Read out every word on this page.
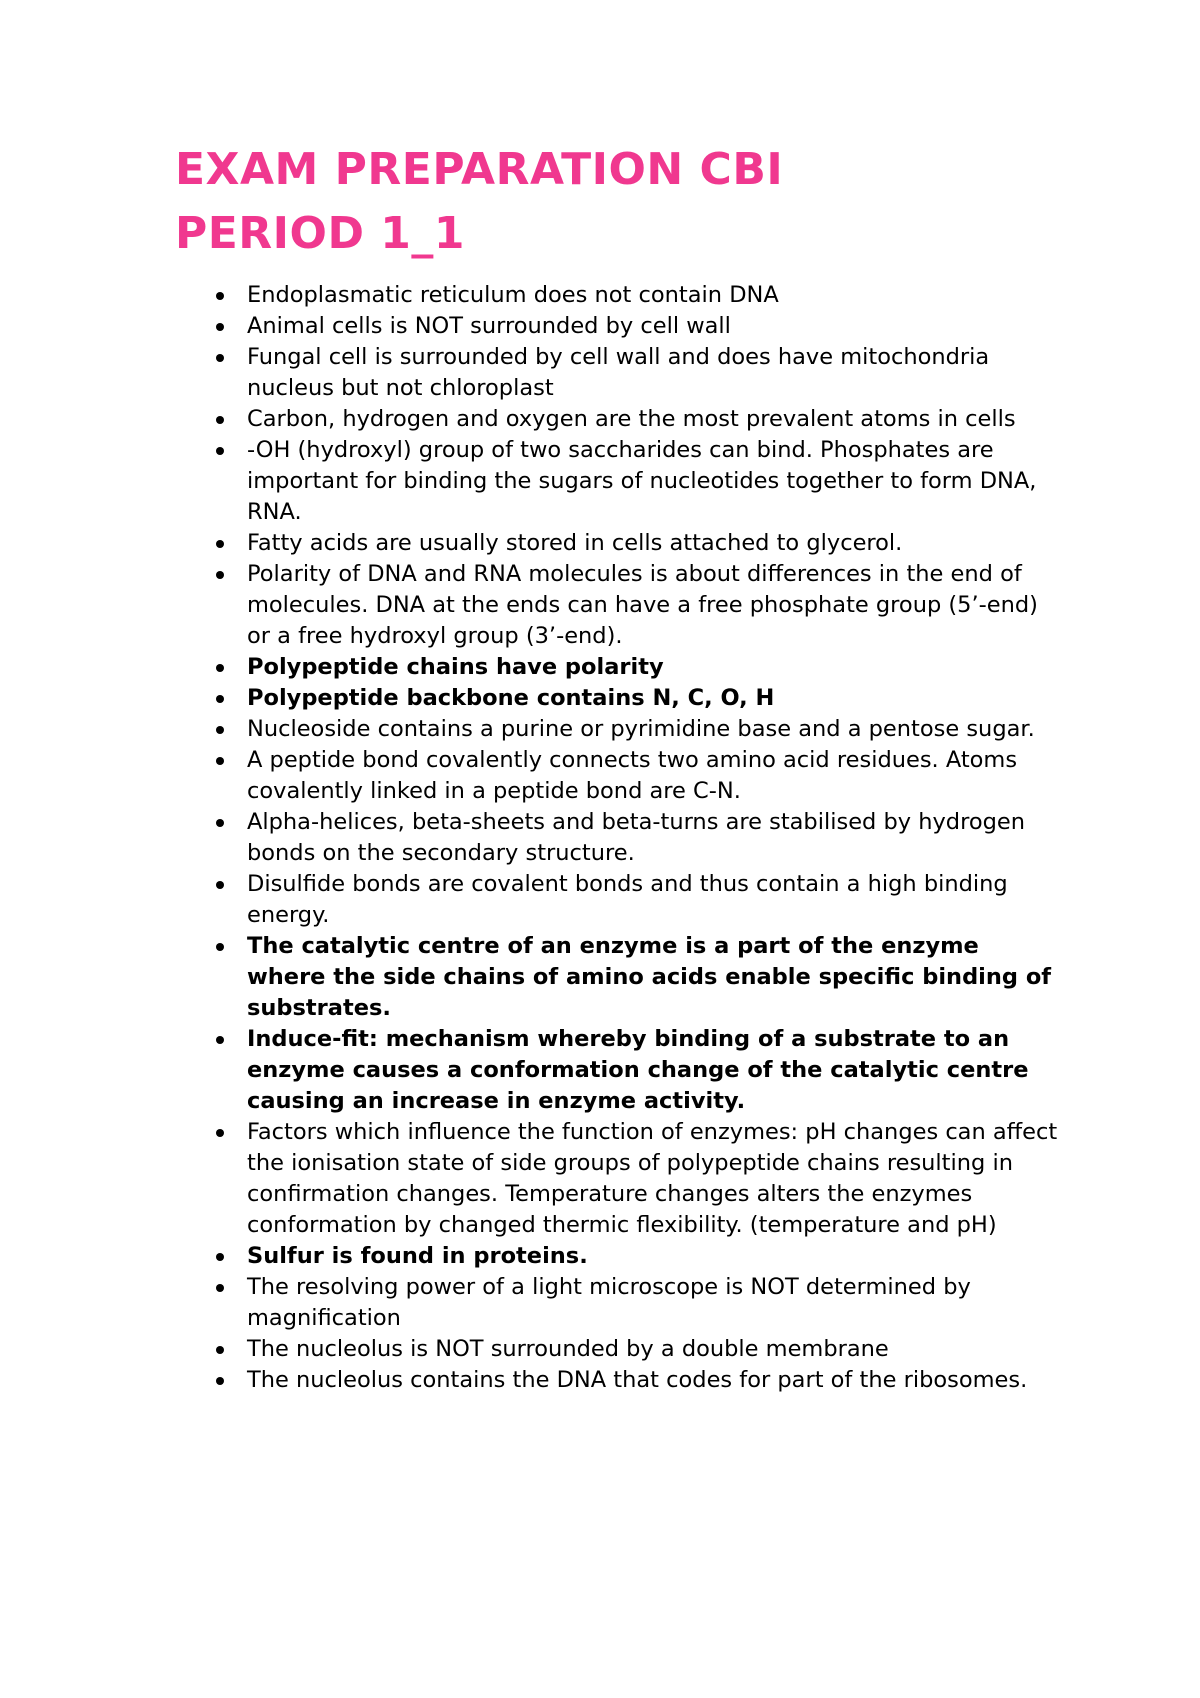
EXAM PREPARATION CBI
PERIOD 1_1
Endoplasmatic reticulum does not contain DNA
Animal cells is NOT surrounded by cell wall
Fungal cell is surrounded by cell wall and does have mitochondria nucleus but not chloroplast
Carbon, hydrogen and oxygen are the most prevalent atoms in cells
-OH (hydroxyl) group of two saccharides can bind. Phosphates are important for binding the sugars of nucleotides together to form DNA, RNA.
Fatty acids are usually stored in cells attached to glycerol.
Polarity of DNA and RNA molecules is about differences in the end of molecules. DNA at the ends can have a free phosphate group (5’-end) or a free hydroxyl group (3’-end).
Polypeptide chains have polarity
Polypeptide backbone contains N, C, O, H
Nucleoside contains a purine or pyrimidine base and a pentose sugar.
A peptide bond covalently connects two amino acid residues. Atoms covalently linked in a peptide bond are C-N.
Alpha-helices, beta-sheets and beta-turns are stabilised by hydrogen bonds on the secondary structure.
Disulfide bonds are covalent bonds and thus contain a high binding energy.
The catalytic centre of an enzyme is a part of the enzyme where the side chains of amino acids enable specific binding of substrates.
Induce-fit: mechanism whereby binding of a substrate to an enzyme causes a conformation change of the catalytic centre causing an increase in enzyme activity.
Factors which influence the function of enzymes: pH changes can affect the ionisation state of side groups of polypeptide chains resulting in confirmation changes. Temperature changes alters the enzymes conformation by changed thermic flexibility. (temperature and pH)
Sulfur is found in proteins.
The resolving power of a light microscope is NOT determined by magnification
The nucleolus is NOT surrounded by a double membrane
The nucleolus contains the DNA that codes for part of the ribosomes.
